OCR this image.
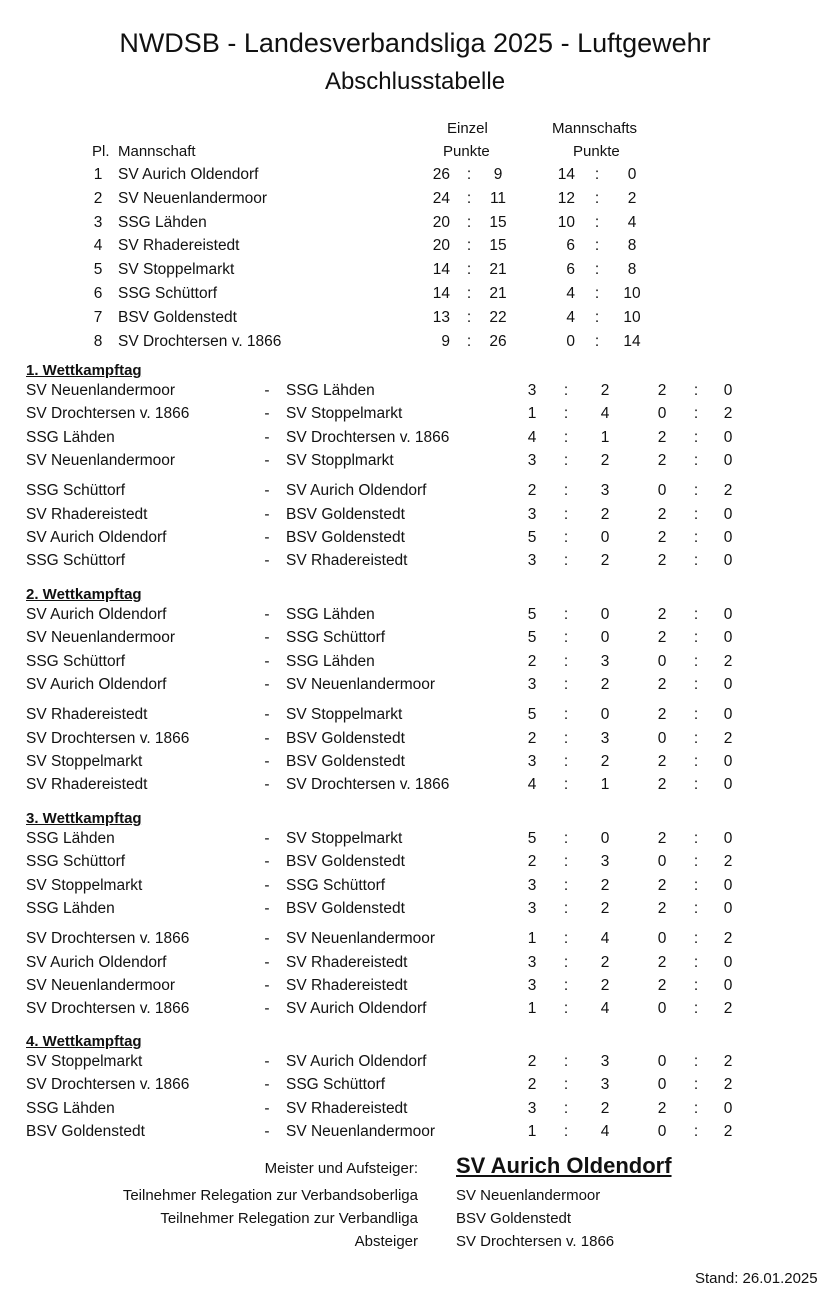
NWDSB - Landesverbandsliga 2025 - Luftgewehr
Abschlusstabelle
Einzel
Punkte
Mannschafts
Punkte
Pl. Mannschaft
1	SV Aurich Oldendorf	26 :	9	14 :	0
2	SV Neuenlandermoor	24 :	11	12 :	2
3	SSG Lähden	20 :	15	10 :	4
4	SV Rhadereistedt	20 :	15	6 :	8
5	SV Stoppelmarkt	14 :	21	6 :	8
6	SSG Schüttorf	14 :	21	4 :	10
7	BSV Goldenstedt	13 :	22	4 :	10
8	SV Drochtersen v. 1866	9 :	26	0 :	14
1. Wettkampftag
SV Neuenlandermoor	- SSG Lähden	3	:	2	2	:	0
SV Drochtersen v. 1866	- SV Stoppelmarkt	1	:	4	0	:	2
SSG Lähden	- SV Drochtersen v. 1866	4	:	1	2	:	0
SV Neuenlandermoor	- SV Stopplmarkt	3	:	2	2	:	0
SSG Schüttorf	- SV Aurich Oldendorf	2	:	3	0	:	2
SV Rhadereistedt	- BSV Goldenstedt	3	:	2	2	:	0
SV Aurich Oldendorf	- BSV Goldenstedt	5	:	0	2	:	0
SSG Schüttorf	- SV Rhadereistedt	3	:	2	2	:	0
2. Wettkampftag
SV Aurich Oldendorf	- SSG Lähden	5	:	0	2	:	0
SV Neuenlandermoor	- SSG Schüttorf	5	:	0	2	:	0
SSG Schüttorf	- SSG Lähden	2	:	3	0	:	2
SV Aurich Oldendorf	- SV Neuenlandermoor	3	:	2	2	:	0
SV Rhadereistedt	- SV Stoppelmarkt	5	:	0	2	:	0
SV Drochtersen v. 1866	- BSV Goldenstedt	2	:	3	0	:	2
SV Stoppelmarkt	- BSV Goldenstedt	3	:	2	2	:	0
SV Rhadereistedt	- SV Drochtersen v. 1866	4	:	1	2	:	0
3. Wettkampftag
SSG Lähden	- SV Stoppelmarkt	5	:	0	2	:	0
SSG Schüttorf	- BSV Goldenstedt	2	:	3	0	:	2
SV Stoppelmarkt	- SSG Schüttorf	3	:	2	2	:	0
SSG Lähden	- BSV Goldenstedt	3	:	2	2	:	0
SV Drochtersen v. 1866	- SV Neuenlandermoor	1	:	4	0	:	2
SV Aurich Oldendorf	- SV Rhadereistedt	3	:	2	2	:	0
SV Neuenlandermoor	- SV Rhadereistedt	3	:	2	2	:	0
SV Drochtersen v. 1866	- SV Aurich Oldendorf	1	:	4	0	:	2
4. Wettkampftag
SV Stoppelmarkt	- SV Aurich Oldendorf	2	:	3	0	:	2
SV Drochtersen v. 1866	- SSG Schüttorf	2	:	3	0	:	2
SSG Lähden	- SV Rhadereistedt	3	:	2	2	:	0
BSV Goldenstedt	- SV Neuenlandermoor	1	:	4	0	:	2
Meister und Aufsteiger: SV Aurich Oldendorf
Teilnehmer Relegation zur Verbandsoberliga	SV Neuenlandermoor
Teilnehmer Relegation zur Verbandliga	BSV Goldenstedt
Absteiger	SV Drochtersen v. 1866
Stand: 26.01.2025
